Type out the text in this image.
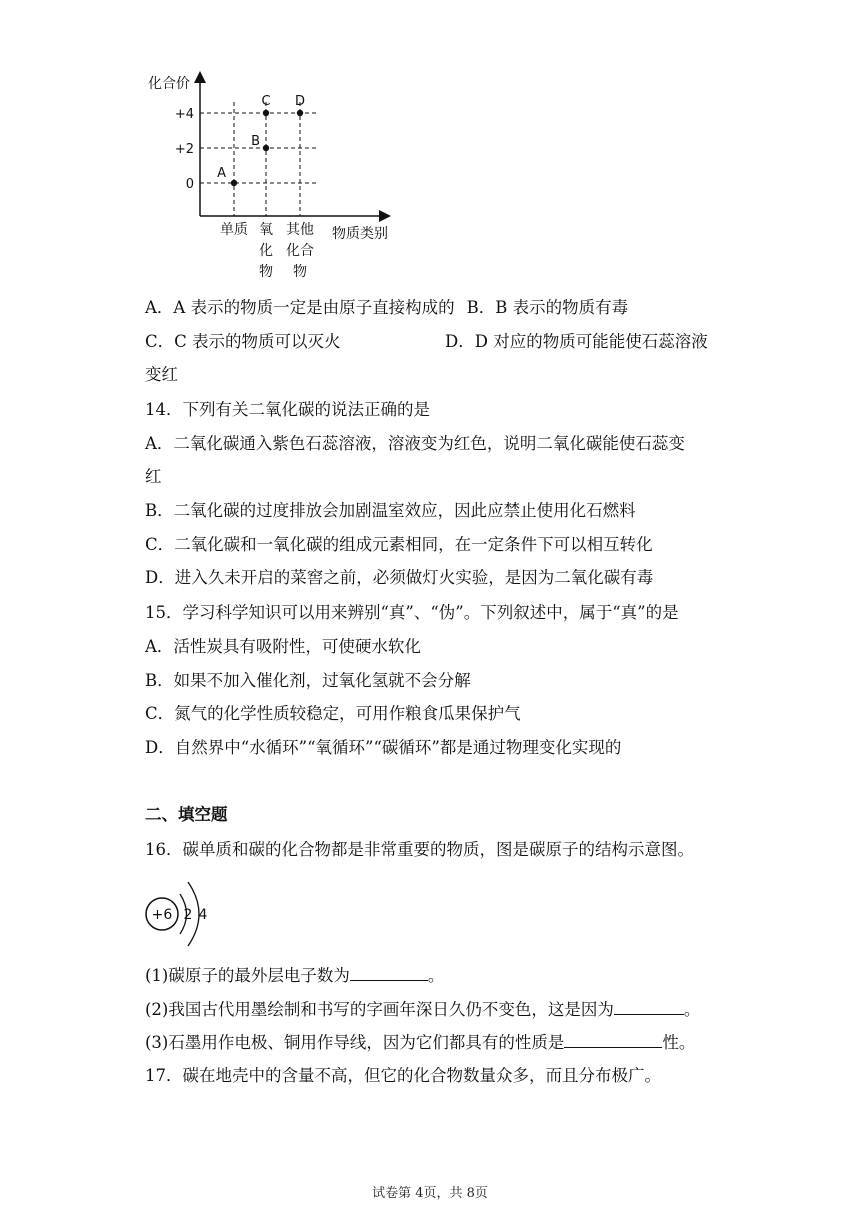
化合价
物质类别
+4
+2
0
单质 氧
化
物
其他
化合
物
A
B
C D
A．A 表示的物质一定是由原子直接构成的 B．B 表示的物质有毒
C．C 表示的物质可以灭火	D．D 对应的物质可能能使石蕊溶液
变红
14．下列有关二氧化碳的说法正确的是
A．二氧化碳通入紫色石蕊溶液，溶液变为红色，说明二氧化碳能使石蕊变
红
B．二氧化碳的过度排放会加剧温室效应，因此应禁止使用化石燃料
C．二氧化碳和一氧化碳的组成元素相同，在一定条件下可以相互转化
D．进入久未开启的菜窖之前，必须做灯火实验，是因为二氧化碳有毒
15．学习科学知识可以用来辨别“真”、“伪”。下列叙述中，属于“真”的是
A．活性炭具有吸附性，可使硬水软化
B．如果不加入催化剂，过氧化氢就不会分解
C．氮气的化学性质较稳定，可用作粮食瓜果保护气
D．自然界中“水循环”“氧循环”“碳循环”都是通过物理变化实现的
二、填空题
16．碳单质和碳的化合物都是非常重要的物质，图是碳原子的结构示意图。
+6 2 4
(1)碳原子的最外层电子数为	。
(2)我国古代用墨绘制和书写的字画年深日久仍不变色，这是因为	。
(3)石墨用作电极、铜用作导线，因为它们都具有的性质是	性。
17．碳在地壳中的含量不高，但它的化合物数量众多，而且分布极广。
试卷第 4页，共 8页
